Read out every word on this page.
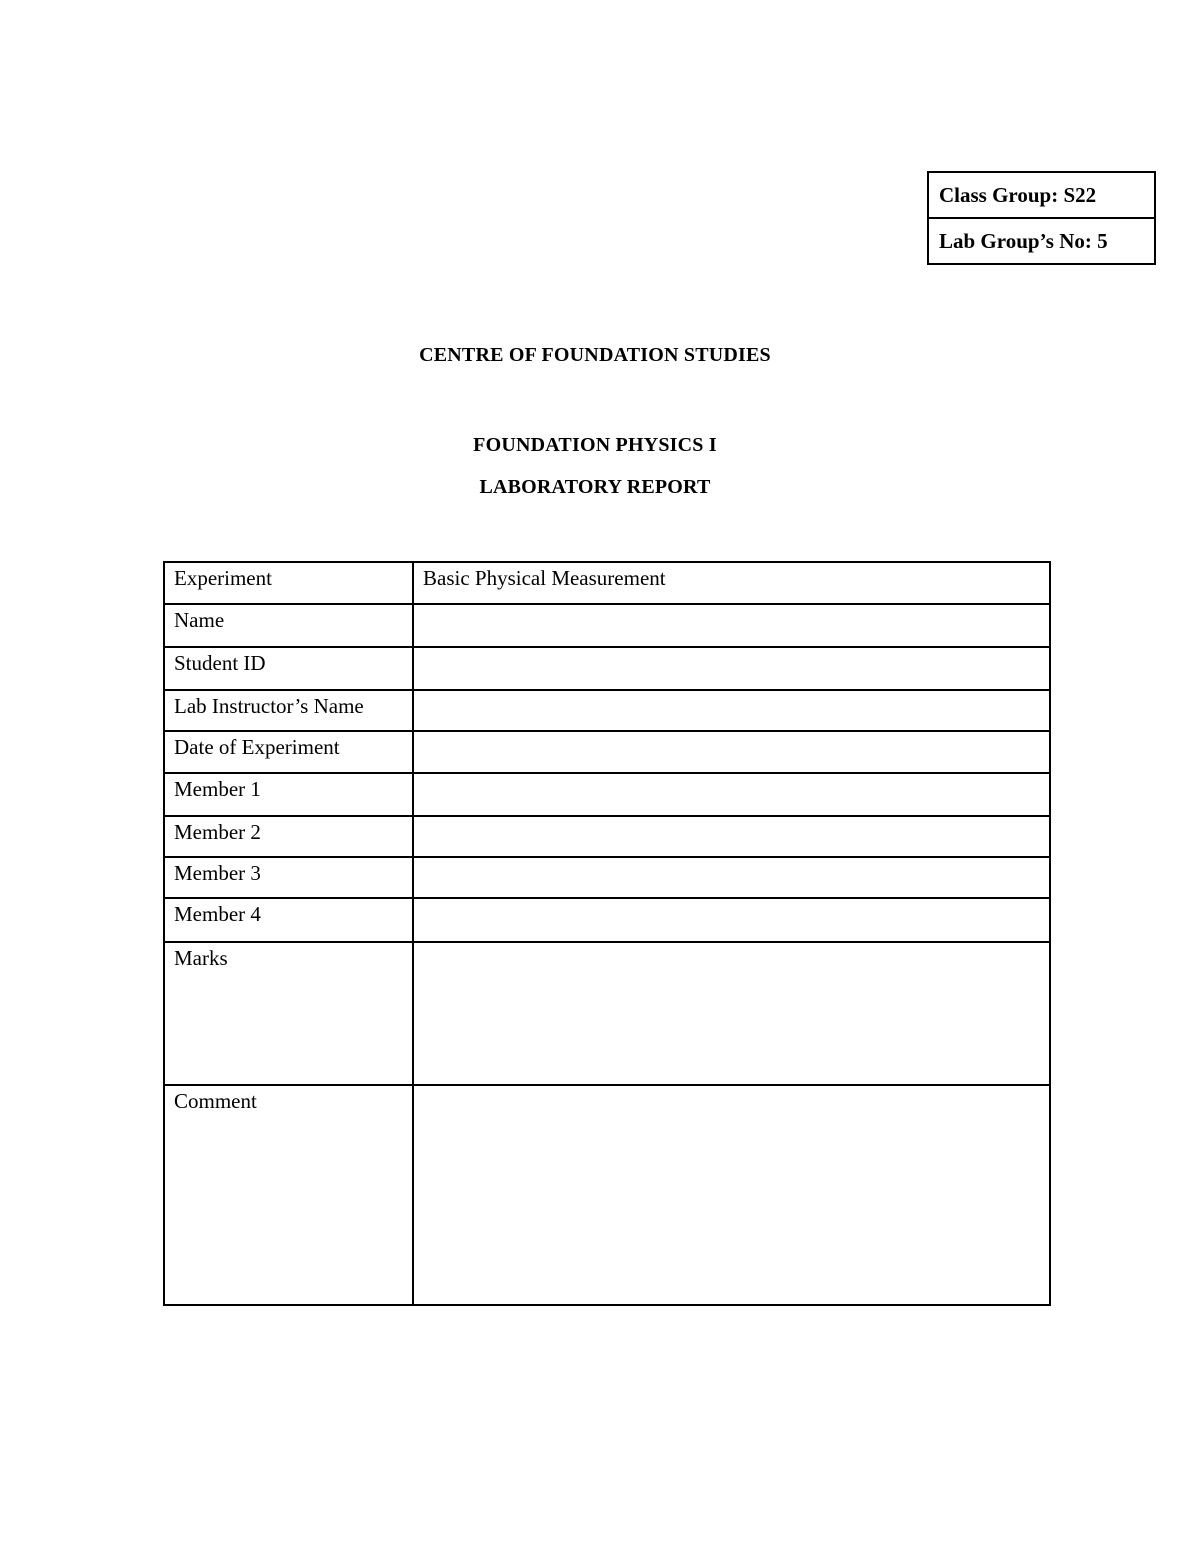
Class Group: S22
Lab Group’s No: 5
CENTRE OF FOUNDATION STUDIES
FOUNDATION PHYSICS I
LABORATORY REPORT
Experiment	Basic Physical Measurement
Name	
Student ID	
Lab Instructor’s Name	
Date of Experiment	
Member 1	
Member 2	
Member 3	
Member 4	
Marks	
Comment	
